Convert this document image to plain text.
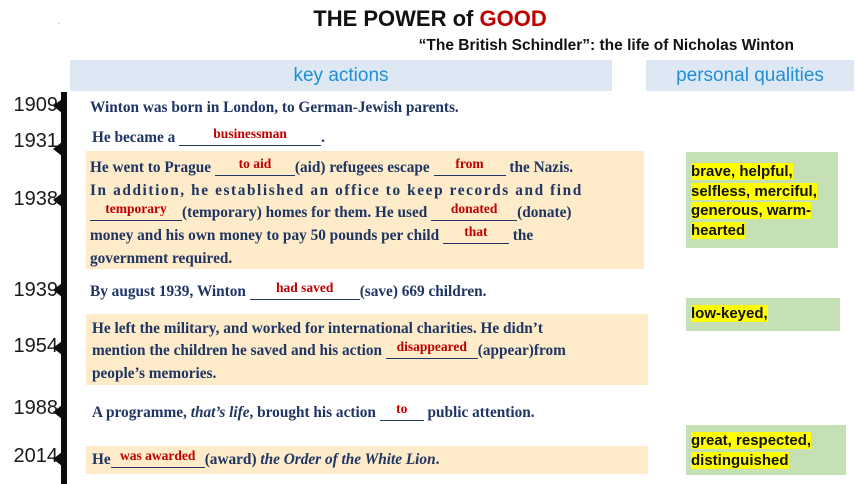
THE POWER of GOOD
.
“The British Schindler”: the life of Nicholas Winton
key actions	personal qualities
1909
1931
1938
1939
1954
1988
2014
Winton was born in London, to German-Jewish parents.
He became a	businessman .
He went to Prague to aid (aid) refugees escape from the Nazis.
In addition, he established an office to keep records and find
temporary (temporary) homes for them. He used donated (donate)
money and his own money to pay 50 pounds per child that the
government required.
By august 1939, Winton had saved (save) 669 children.
He left the military, and worked for international charities. He didn’t
mention the children he saved and his action disappeared (appear)from
people’s memories.
A programme, that’s life, brought his action to public attention.
He was awarded (award) the Order of the White Lion.
brave, helpful,
selfless, merciful,
generous, warm-
hearted
low-keyed,
great, respected,
distinguished
